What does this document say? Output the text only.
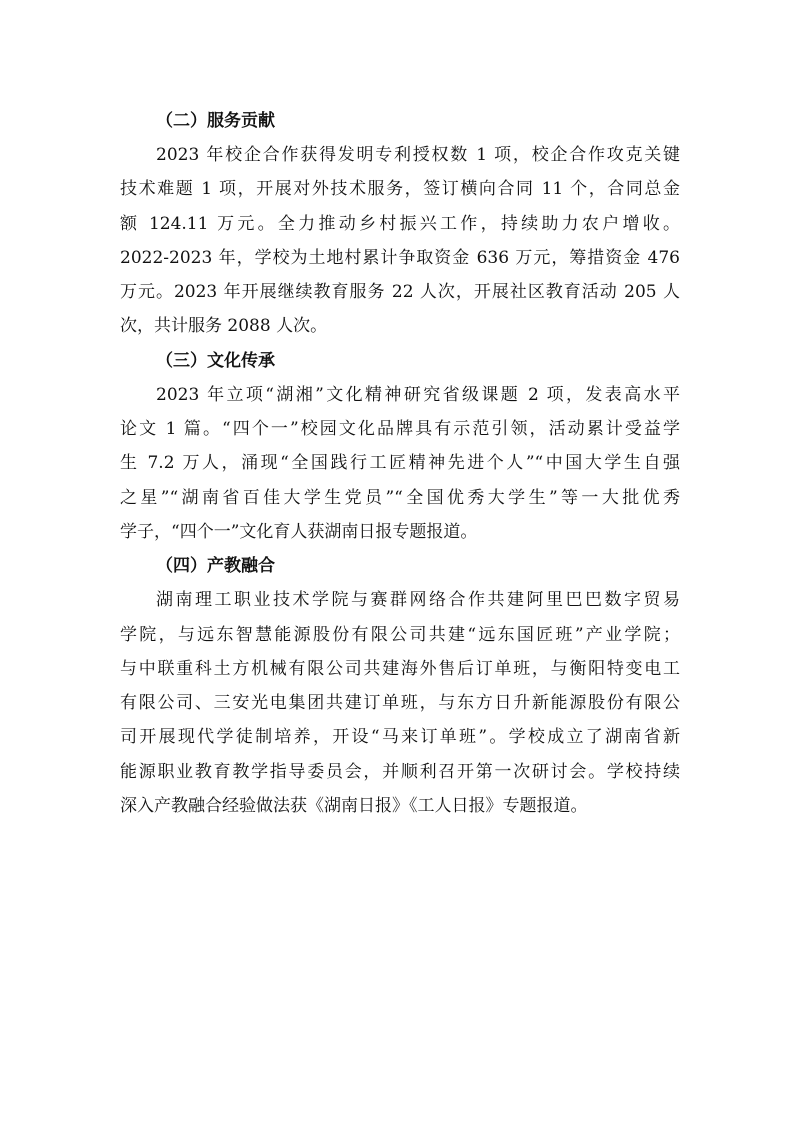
（二）服务贡献

2023 年校企合作获得发明专利授权数 1 项，校企合作攻克关键

技术难题 1 项，开展对外技术服务，签订横向合同 11 个，合同总金

额 124.11 万元。全力推动乡村振兴工作，持续助力农户增收。

2022-2023 年，学校为土地村累计争取资金 636 万元，筹措资金 476

万元。2023 年开展继续教育服务 22 人次，开展社区教育活动 205 人

次，共计服务 2088 人次。

（三）文化传承

2023 年立项“湖湘”文化精神研究省级课题 2 项，发表高水平

论文 1 篇。“四个一”校园文化品牌具有示范引领，活动累计受益学

生 7.2 万人，涌现“全国践行工匠精神先进个人”“中国大学生自强

之星”“湖南省百佳大学生党员”“全国优秀大学生”等一大批优秀

学子，“四个一”文化育人获湖南日报专题报道。

（四）产教融合

湖南理工职业技术学院与赛群网络合作共建阿里巴巴数字贸易

学院，与远东智慧能源股份有限公司共建“远东国匠班”产业学院；

与中联重科土方机械有限公司共建海外售后订单班，与衡阳特变电工

有限公司、三安光电集团共建订单班，与东方日升新能源股份有限公

司开展现代学徒制培养，开设“马来订单班”。学校成立了湖南省新

能源职业教育教学指导委员会，并顺利召开第一次研讨会。学校持续

深入产教融合经验做法获《湖南日报》《工人日报》专题报道。
